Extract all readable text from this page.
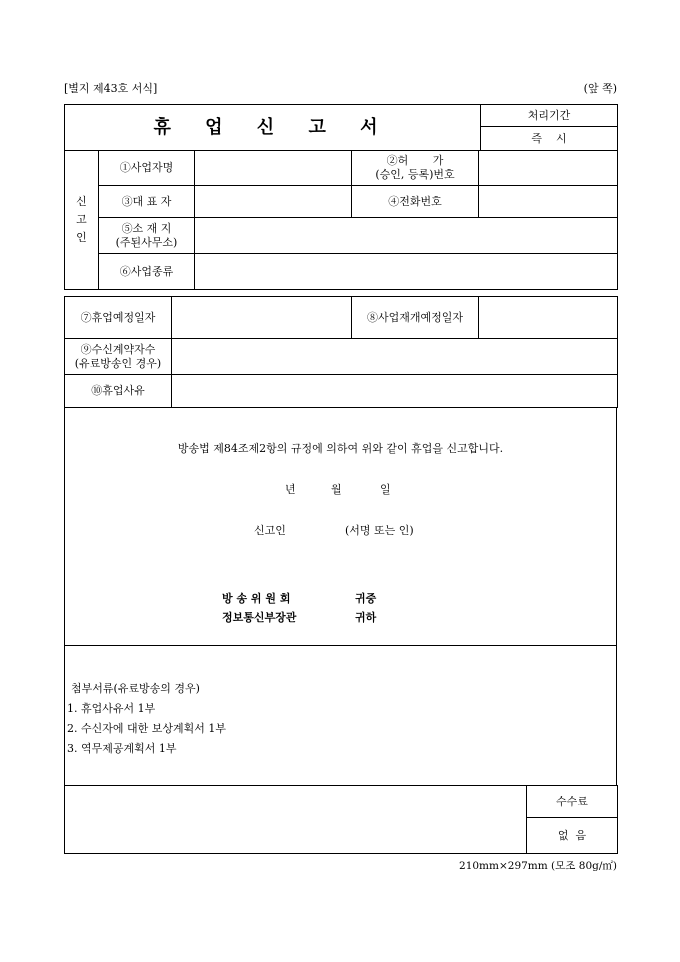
[별지 제43호 서식]	(앞 쪽)
휴 업 신 고 서	처리기간
즉    시
신
고
인	①사업자명		②허       가
(승인, 등록)번호	
	③대 표 자		④전화번호	
	⑤소 재 지
(주된사무소)			
	⑥사업종류			
⑦휴업예정일자		⑧사업재개예정일자	
⑨수신계약자수
(유료방송인 경우)			
⑩휴업사유			
방송법 제84조제2항의 규정에 의하여 위와 같이 휴업을 신고합니다.
년	월	일
신고인	(서명 또는 인)
방 송 위 원 회	귀중
정보통신부장관	귀하
첨부서류(유료방송의 경우)
1. 휴업사유서 1부
2. 수신자에 대한 보상계획서 1부
3. 역무제공계획서 1부
	수수료
없  음
210mm×297mm (모조 80g/㎡)
